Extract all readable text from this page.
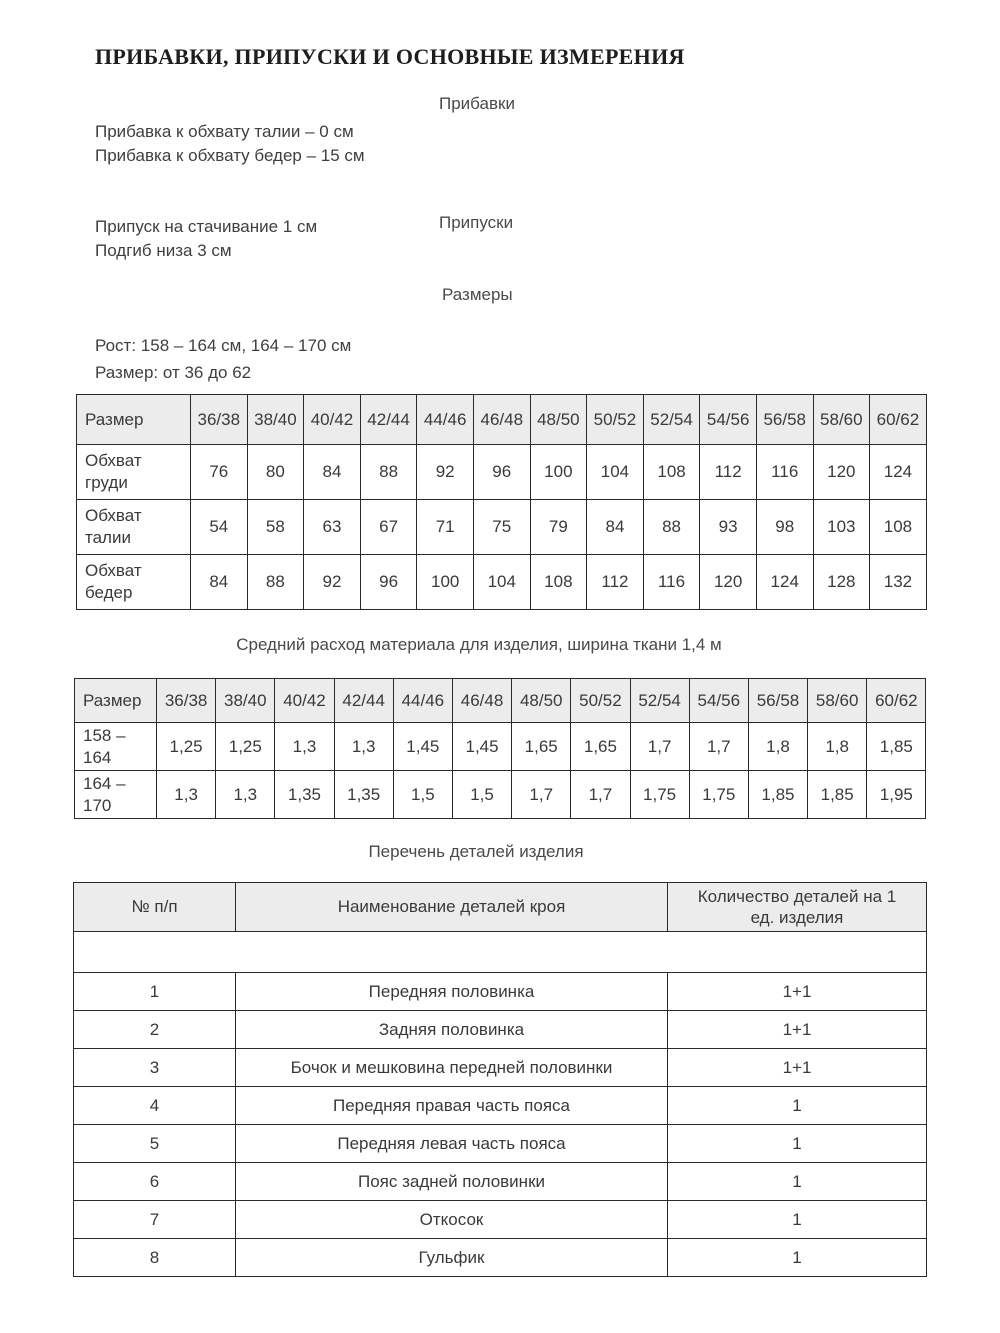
ПРИБАВКИ, ПРИПУСКИ И ОСНОВНЫЕ ИЗМЕРЕНИЯ
Прибавки
Прибавка к обхвату талии – 0 см
Прибавка к обхвату бедер – 15 см
Припуски
Припуск на стачивание 1 см
Подгиб низа 3 см
Размеры
Рост: 158 – 164 см, 164 – 170 см
Размер: от 36 до 62
Размер	36/38	38/40	40/42	42/44	44/46	46/48	48/50	50/52	52/54	54/56	56/58	58/60	60/62
Обхват
груди	76	80	84	88	92	96	100	104	108	112	116	120	124
Обхват
талии	54	58	63	67	71	75	79	84	88	93	98	103	108
Обхват
бедер	84	88	92	96	100	104	108	112	116	120	124	128	132
Средний расход материала для изделия, ширина ткани 1,4 м
Размер	36/38	38/40	40/42	42/44	44/46	46/48	48/50	50/52	52/54	54/56	56/58	58/60	60/62
158 –
164	1,25	1,25	1,3	1,3	1,45	1,45	1,65	1,65	1,7	1,7	1,8	1,8	1,85
164 –
170	1,3	1,3	1,35	1,35	1,5	1,5	1,7	1,7	1,75	1,75	1,85	1,85	1,95
Перечень деталей изделия
№ п/п	Наименование деталей кроя	Количество деталей на 1
ед. изделия

1	Передняя половинка	1+1
2	Задняя половинка	1+1
3	Бочок и мешковина передней половинки	1+1
4	Передняя правая часть пояса	1
5	Передняя левая часть пояса	1
6	Пояс задней половинки	1
7	Откосок	1
8	Гульфик	1
